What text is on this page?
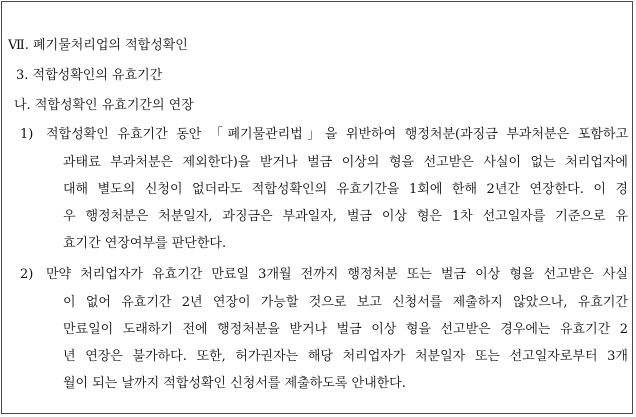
Ⅶ. 폐기물처리업의 적합성확인
3. 적합성확인의 유효기간
나. 적합성확인 유효기간의 연장
1) 적합성확인 유효기간 동안 「폐기물관리법」을 위반하여 행정처분(과징금 부과처분은 포함하고
과태료 부과처분은 제외한다)을 받거나 벌금 이상의 형을 선고받은 사실이 없는 처리업자에
대해 별도의 신청이 없더라도 적합성확인의 유효기간을 1회에 한해 2년간 연장한다. 이 경
우 행정처분은 처분일자, 과징금은 부과일자, 벌금 이상 형은 1차 선고일자를 기준으로 유
효기간 연장여부를 판단한다.
2) 만약 처리업자가 유효기간 만료일 3개월 전까지 행정처분 또는 벌금 이상 형을 선고받은 사실
이 없어 유효기간 2년 연장이 가능할 것으로 보고 신청서를 제출하지 않았으나, 유효기간
만료일이 도래하기 전에 행정처분을 받거나 벌금 이상 형을 선고받은 경우에는 유효기간 2
년 연장은 불가하다. 또한, 허가권자는 해당 처리업자가 처분일자 또는 선고일자로부터 3개
월이 되는 날까지 적합성확인 신청서를 제출하도록 안내한다.
